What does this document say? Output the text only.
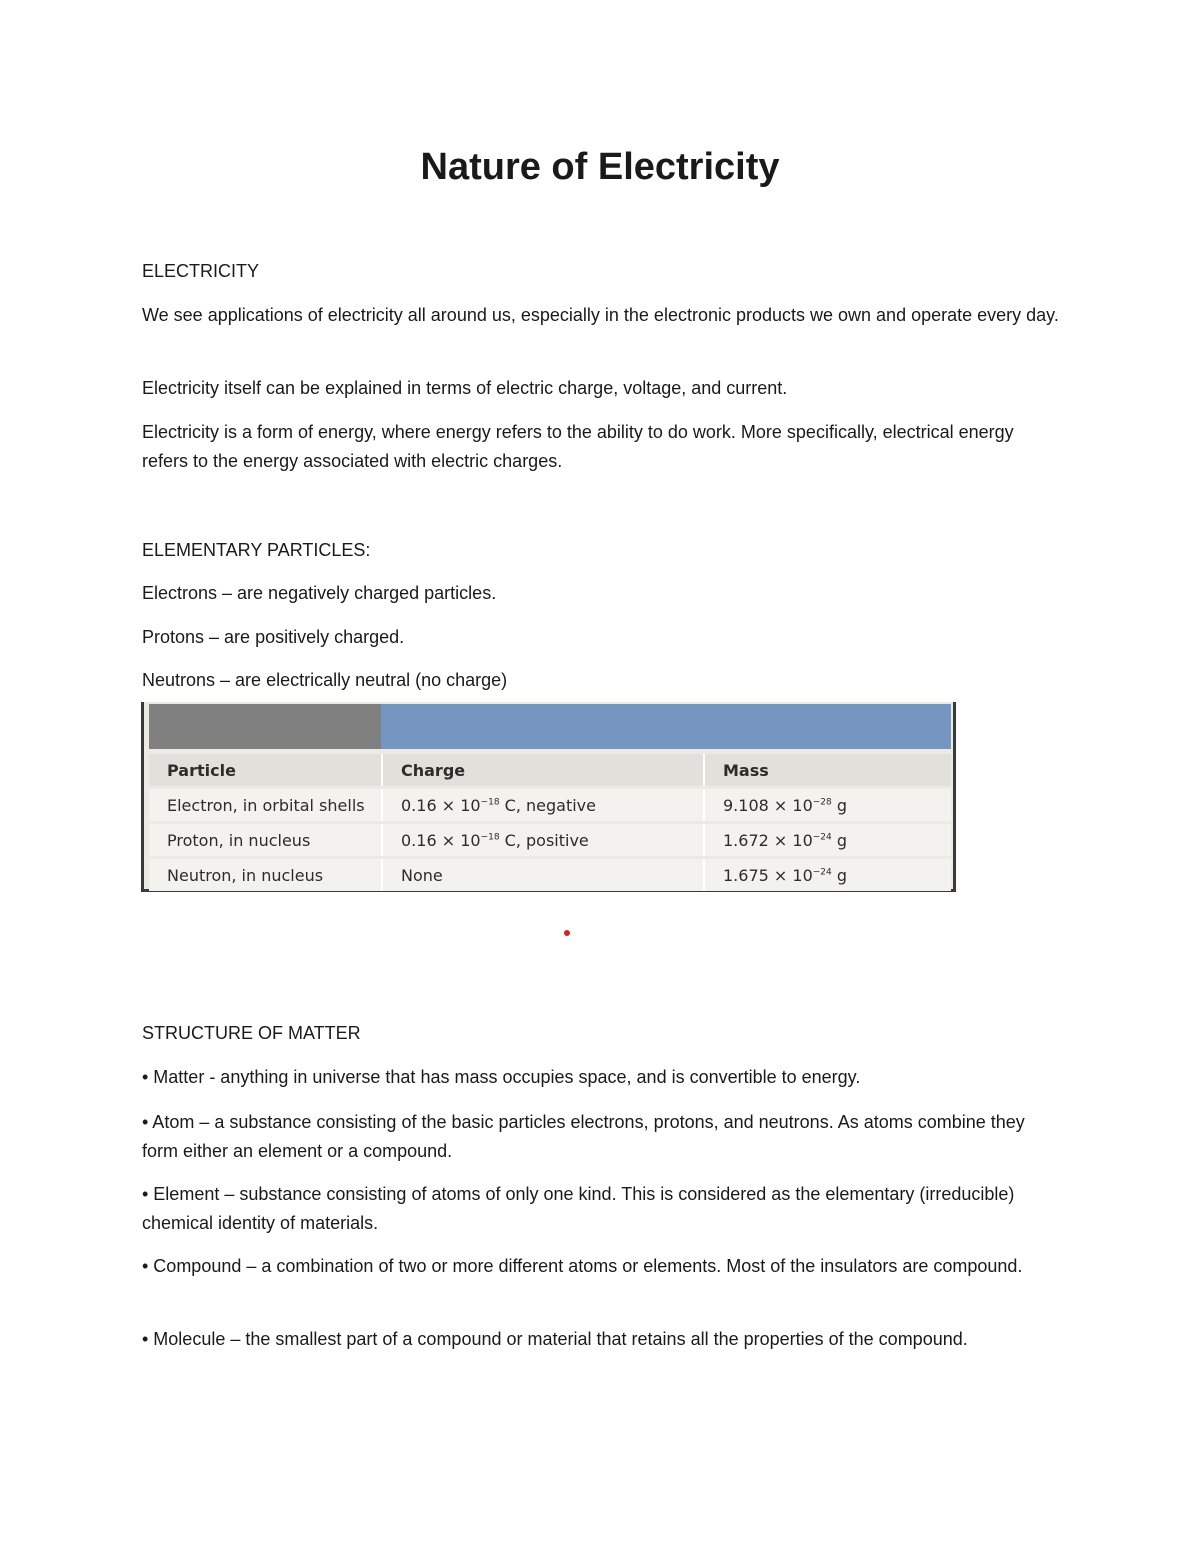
Nature of Electricity

ELECTRICITY

We see applications of electricity all around us, especially in the electronic products we own and operate every day.

Electricity itself can be explained in terms of electric charge, voltage, and current.

Electricity is a form of energy, where energy refers to the ability to do work. More specifically, electrical energy refers to the energy associated with electric charges.

ELEMENTARY PARTICLES:

Electrons – are negatively charged particles.

Protons – are positively charged.

Neutrons – are electrically neutral (no charge)

Particle	Charge	Mass
Electron, in orbital shells	$0.16 \times 10^{-18}$ C, negative	$9.108 \times 10^{-28}$ g
Proton, in nucleus	$0.16 \times 10^{-18}$ C, positive	$1.672 \times 10^{-24}$ g
Neutron, in nucleus	None	$1.675 \times 10^{-24}$ g

STRUCTURE OF MATTER

• Matter - anything in universe that has mass occupies space, and is convertible to energy.

• Atom – a substance consisting of the basic particles electrons, protons, and neutrons. As atoms combine they form either an element or a compound.

• Element – substance consisting of atoms of only one kind. This is considered as the elementary (irreducible) chemical identity of materials.

• Compound – a combination of two or more different atoms or elements. Most of the insulators are compound.

• Molecule – the smallest part of a compound or material that retains all the properties of the compound.
